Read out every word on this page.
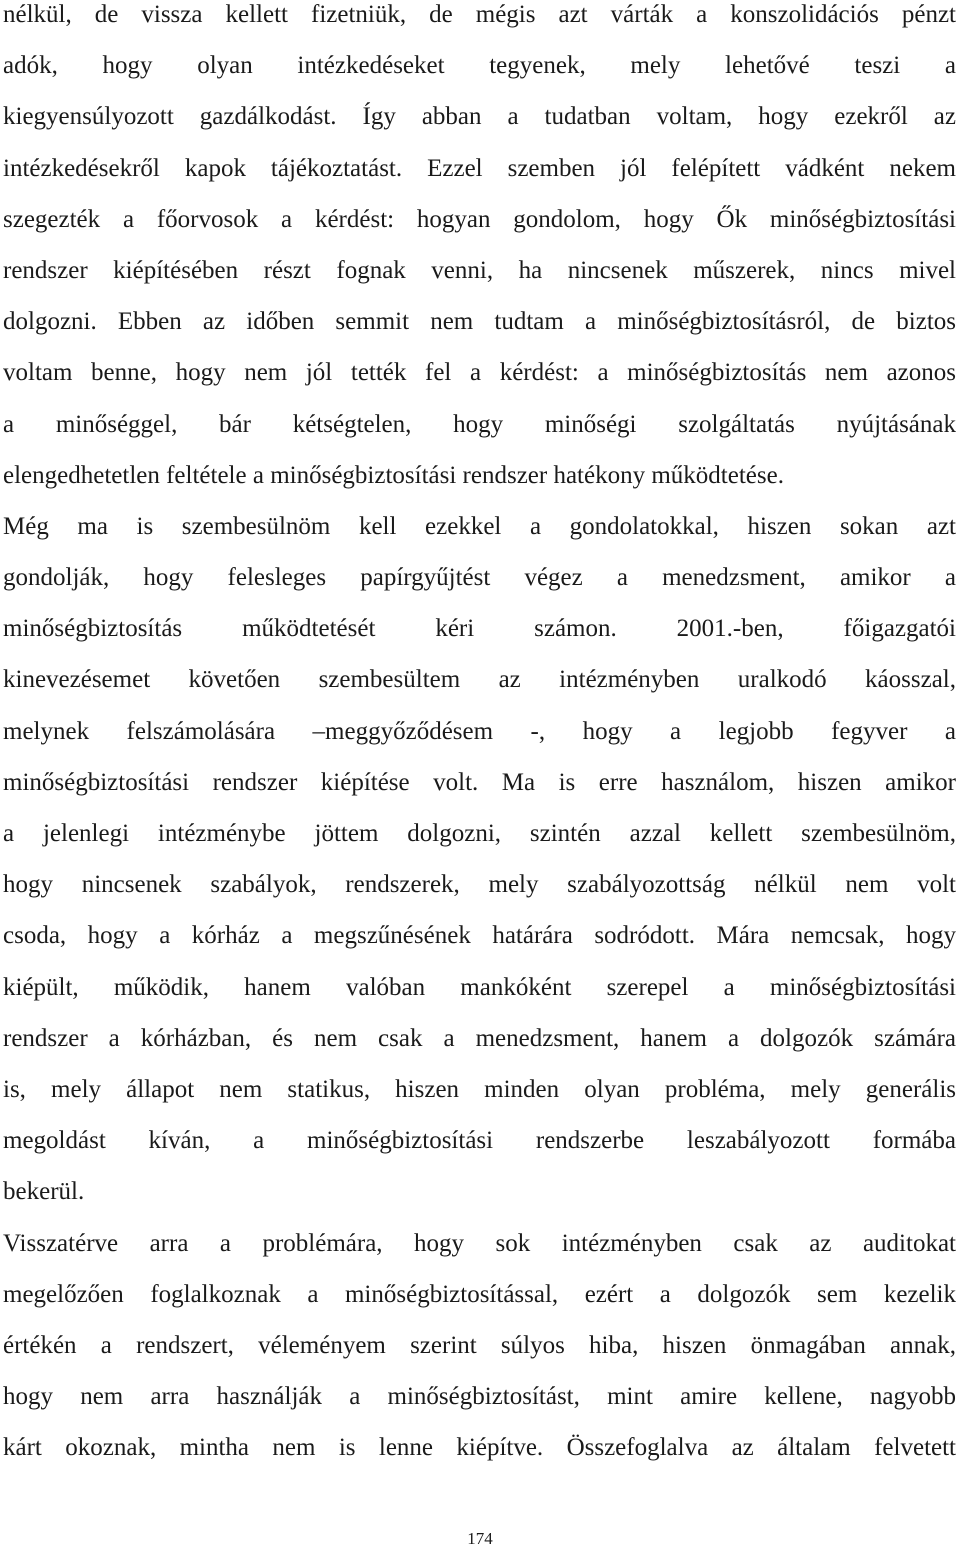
nélkül, de vissza kellett fizetniük, de mégis azt várták a konszolidációs pénzt
adók, hogy olyan intézkedéseket tegyenek, mely lehetővé teszi a
kiegyensúlyozott gazdálkodást. Így abban a tudatban voltam, hogy ezekről az
intézkedésekről kapok tájékoztatást. Ezzel szemben jól felépített vádként nekem
szegezték a főorvosok a kérdést: hogyan gondolom, hogy Ők minőségbiztosítási
rendszer kiépítésében részt fognak venni, ha nincsenek műszerek, nincs mivel
dolgozni. Ebben az időben semmit nem tudtam a minőségbiztosításról, de biztos
voltam benne, hogy nem jól tették fel a kérdést: a minőségbiztosítás nem azonos
a minőséggel, bár kétségtelen, hogy minőségi szolgáltatás nyújtásának
elengedhetetlen feltétele a minőségbiztosítási rendszer hatékony működtetése.
Még ma is szembesülnöm kell ezekkel a gondolatokkal, hiszen sokan azt
gondolják, hogy felesleges papírgyűjtést végez a menedzsment, amikor a
minőségbiztosítás működtetését kéri számon. 2001.-ben, főigazgatói
kinevezésemet követően szembesültem az intézményben uralkodó káosszal,
melynek felszámolására –meggyőződésem -, hogy a legjobb fegyver a
minőségbiztosítási rendszer kiépítése volt. Ma is erre használom, hiszen amikor
a jelenlegi intézménybe jöttem dolgozni, szintén azzal kellett szembesülnöm,
hogy nincsenek szabályok, rendszerek, mely szabályozottság nélkül nem volt
csoda, hogy a kórház a megszűnésének határára sodródott. Mára nemcsak, hogy
kiépült, működik, hanem valóban mankóként szerepel a minőségbiztosítási
rendszer a kórházban, és nem csak a menedzsment, hanem a dolgozók számára
is, mely állapot nem statikus, hiszen minden olyan probléma, mely generális
megoldást kíván, a minőségbiztosítási rendszerbe leszabályozott formába
bekerül.
Visszatérve arra a problémára, hogy sok intézményben csak az auditokat
megelőzően foglalkoznak a minőségbiztosítással, ezért a dolgozók sem kezelik
értékén a rendszert, véleményem szerint súlyos hiba, hiszen önmagában annak,
hogy nem arra használják a minőségbiztosítást, mint amire kellene, nagyobb
kárt okoznak, mintha nem is lenne kiépítve. Összefoglalva az általam felvetett
174
